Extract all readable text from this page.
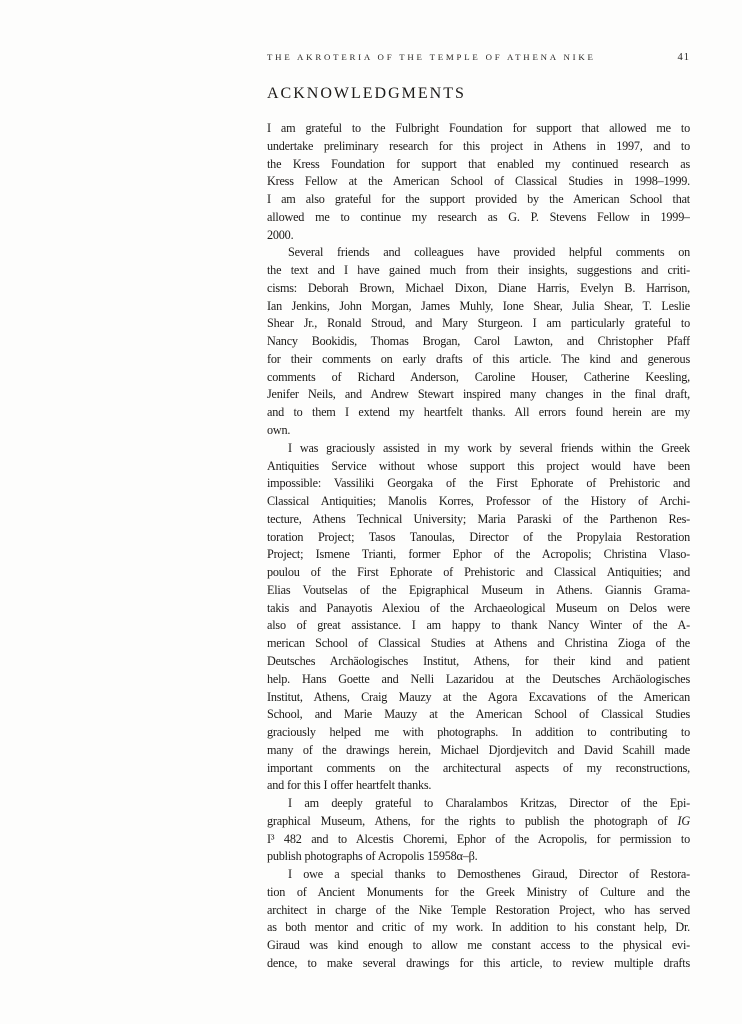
THE AKROTERIA OF THE TEMPLE OF ATHENA NIKE	41
ACKNOWLEDGMENTS
I am grateful to the Fulbright Foundation for support that allowed me to
undertake preliminary research for this project in Athens in 1997, and to
the Kress Foundation for support that enabled my continued research as
Kress Fellow at the American School of Classical Studies in 1998–1999.
I am also grateful for the support provided by the American School that
allowed me to continue my research as G. P. Stevens Fellow in 1999–
2000.
Several friends and colleagues have provided helpful comments on
the text and I have gained much from their insights, suggestions and criti-
cisms: Deborah Brown, Michael Dixon, Diane Harris, Evelyn B. Harrison,
Ian Jenkins, John Morgan, James Muhly, Ione Shear, Julia Shear, T. Leslie
Shear Jr., Ronald Stroud, and Mary Sturgeon. I am particularly grateful to
Nancy Bookidis, Thomas Brogan, Carol Lawton, and Christopher Pfaff
for their comments on early drafts of this article. The kind and generous
comments of Richard Anderson, Caroline Houser, Catherine Keesling,
Jenifer Neils, and Andrew Stewart inspired many changes in the final draft,
and to them I extend my heartfelt thanks. All errors found herein are my
own.
I was graciously assisted in my work by several friends within the Greek
Antiquities Service without whose support this project would have been
impossible: Vassiliki Georgaka of the First Ephorate of Prehistoric and
Classical Antiquities; Manolis Korres, Professor of the History of Archi-
tecture, Athens Technical University; Maria Paraski of the Parthenon Res-
toration Project; Tasos Tanoulas, Director of the Propylaia Restoration
Project; Ismene Trianti, former Ephor of the Acropolis; Christina Vlaso-
poulou of the First Ephorate of Prehistoric and Classical Antiquities; and
Elias Voutselas of the Epigraphical Museum in Athens. Giannis Grama-
takis and Panayotis Alexiou of the Archaeological Museum on Delos were
also of great assistance. I am happy to thank Nancy Winter of the A-
merican School of Classical Studies at Athens and Christina Zioga of the
Deutsches Archäologisches Institut, Athens, for their kind and patient
help. Hans Goette and Nelli Lazaridou at the Deutsches Archäologisches
Institut, Athens, Craig Mauzy at the Agora Excavations of the American
School, and Marie Mauzy at the American School of Classical Studies
graciously helped me with photographs. In addition to contributing to
many of the drawings herein, Michael Djordjevitch and David Scahill made
important comments on the architectural aspects of my reconstructions,
and for this I offer heartfelt thanks.
I am deeply grateful to Charalambos Kritzas, Director of the Epi-
graphical Museum, Athens, for the rights to publish the photograph of IG
I³ 482 and to Alcestis Choremi, Ephor of the Acropolis, for permission to
publish photographs of Acropolis 15958α–β.
I owe a special thanks to Demosthenes Giraud, Director of Restora-
tion of Ancient Monuments for the Greek Ministry of Culture and the
architect in charge of the Nike Temple Restoration Project, who has served
as both mentor and critic of my work. In addition to his constant help, Dr.
Giraud was kind enough to allow me constant access to the physical evi-
dence, to make several drawings for this article, to review multiple drafts
